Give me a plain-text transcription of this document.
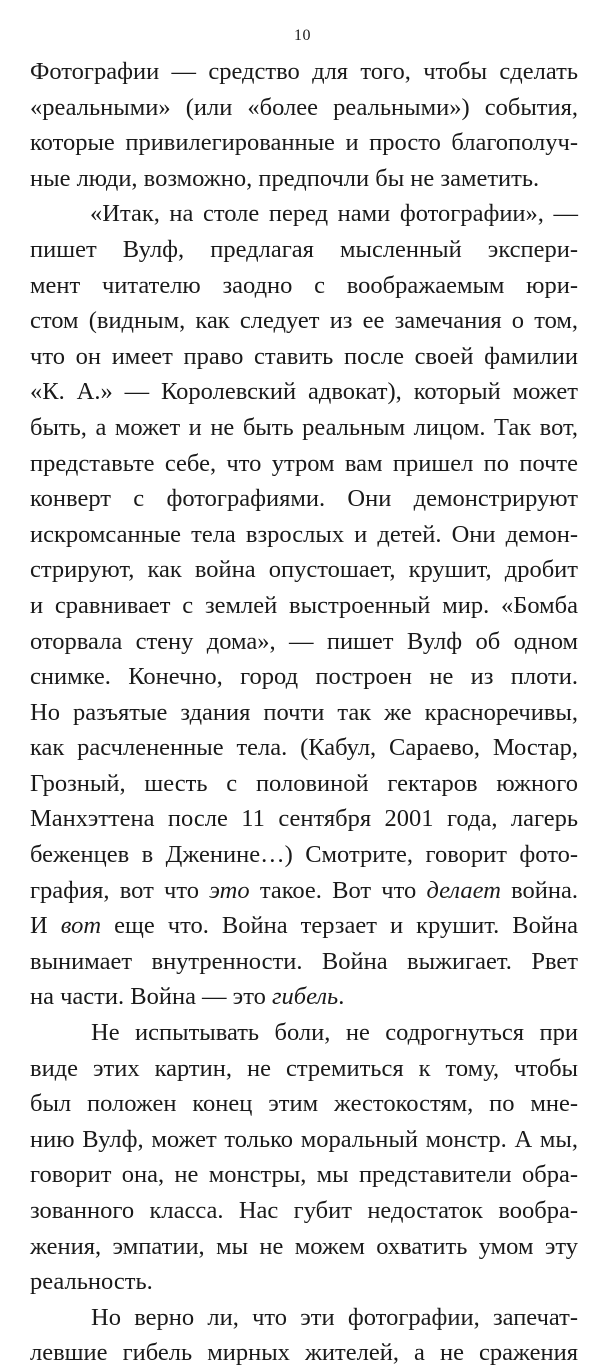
10
Фотографии — средство для того, чтобы сделать
«реальными» (или «более реальными») события,
которые привилегированные и просто благополуч-
ные люди, возможно, предпочли бы не заметить.
«Итак, на столе перед нами фотографии», —
пишет Вулф, предлагая мысленный экспери-
мент читателю заодно с воображаемым юри-
стом (видным, как следует из ее замечания о том,
что он имеет право ставить после своей фамилии
«К. А.» — Королевский адвокат), который может
быть, а может и не быть реальным лицом. Так вот,
представьте себе, что утром вам пришел по почте
конверт с фотографиями. Они демонстрируют
искромсанные тела взрослых и детей. Они демон-
стрируют, как война опустошает, крушит, дробит
и сравнивает с землей выстроенный мир. «Бомба
оторвала стену дома», — пишет Вулф об одном
снимке. Конечно, город построен не из плоти.
Но разъятые здания почти так же красноречивы,
как расчлененные тела. (Кабул, Сараево, Мостар,
Грозный, шесть с половиной гектаров южного
Манхэттена после 11 сентября 2001 года, лагерь
беженцев в Дженине…) Смотрите, говорит фото-
графия, вот что это такое. Вот что делает война.
И вот еще что. Война терзает и крушит. Война
вынимает внутренности. Война выжигает. Рвет
на части. Война — это гибель.
Не испытывать боли, не содрогнуться при
виде этих картин, не стремиться к тому, чтобы
был положен конец этим жестокостям, по мне-
нию Вулф, может только моральный монстр. А мы,
говорит она, не монстры, мы представители обра-
зованного класса. Нас губит недостаток вообра-
жения, эмпатии, мы не можем охватить умом эту
реальность.
Но верно ли, что эти фотографии, запечат-
левшие гибель мирных жителей, а не сражения
